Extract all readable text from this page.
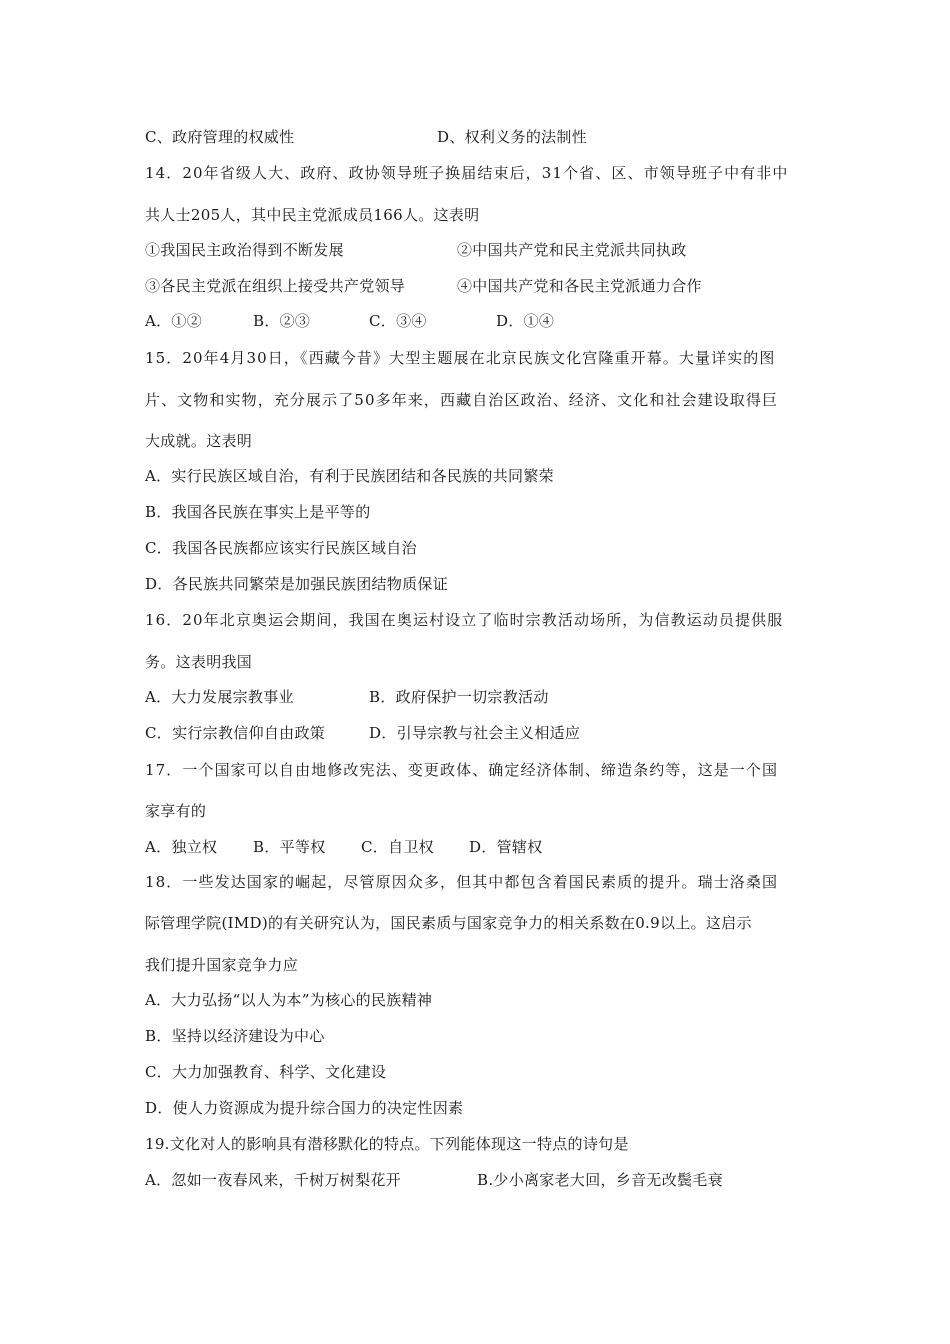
C、政府管理的权威性	D、权利义务的法制性
14．20年省级人大、政府、政协领导班子换届结束后，31个省、区、市领导班子中有非中
共人士205人，其中民主党派成员166人。这表明
①我国民主政治得到不断发展	②中国共产党和民主党派共同执政
③各民主党派在组织上接受共产党领导	④中国共产党和各民主党派通力合作
A．①②	B．②③	C．③④	D．①④
15．20年4月30日，《西藏今昔》大型主题展在北京民族文化宫隆重开幕。大量详实的图
片、文物和实物，充分展示了50多年来，西藏自治区政治、经济、文化和社会建设取得巨
大成就。这表明
A．实行民族区域自治，有利于民族团结和各民族的共同繁荣
B．我国各民族在事实上是平等的
C．我国各民族都应该实行民族区域自治
D．各民族共同繁荣是加强民族团结物质保证
16．20年北京奥运会期间，我国在奥运村设立了临时宗教活动场所，为信教运动员提供服
务。这表明我国
A．大力发展宗教事业	B．政府保护一切宗教活动
C．实行宗教信仰自由政策	D．引导宗教与社会主义相适应
17．一个国家可以自由地修改宪法、变更政体、确定经济体制、缔造条约等，这是一个国
家享有的
A．独立权 B．平等权 C．自卫权 D．管辖权
18．一些发达国家的崛起，尽管原因众多，但其中都包含着国民素质的提升。瑞士洛桑国
际管理学院(IMD)的有关研究认为，国民素质与国家竞争力的相关系数在0.9以上。这启示
我们提升国家竞争力应
A．大力弘扬“以人为本”为核心的民族精神
B．坚持以经济建设为中心
C．大力加强教育、科学、文化建设
D．使人力资源成为提升综合国力的决定性因素
19.文化对人的影响具有潜移默化的特点。下列能体现这一特点的诗句是
A．忽如一夜春风来，千树万树梨花开	B.少小离家老大回，乡音无改鬓毛衰
